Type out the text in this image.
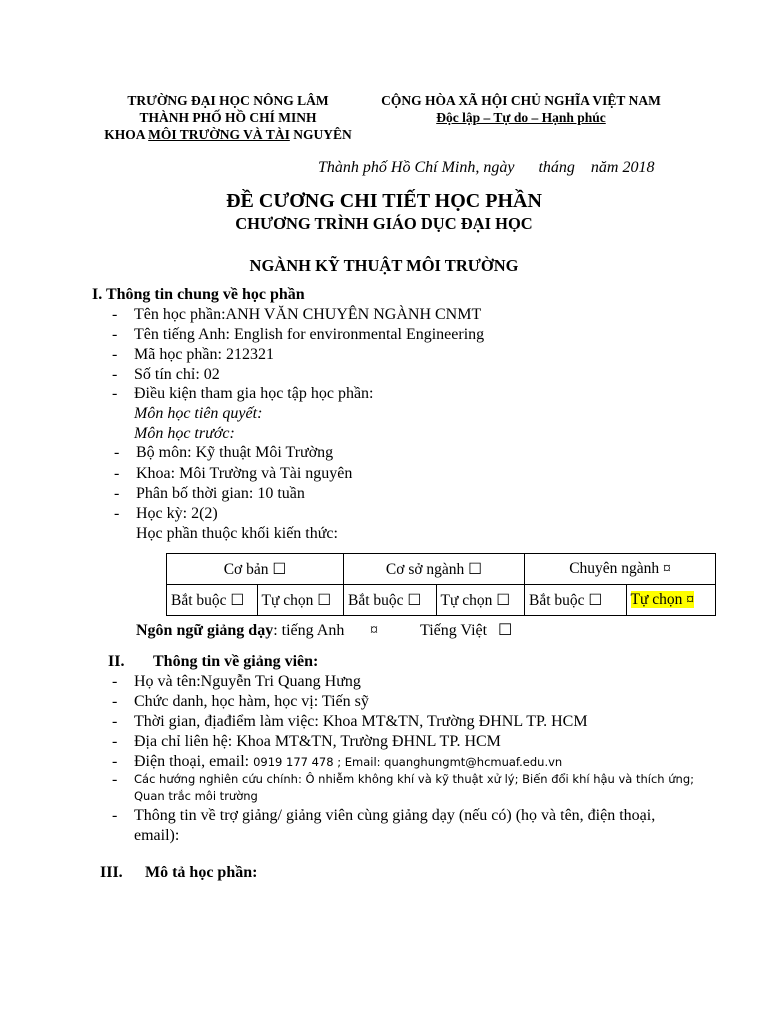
TRƯỜNG ĐẠI HỌC NÔNG LÂM
THÀNH PHỐ HỒ CHÍ MINH
KHOA MÔI TRƯỜNG VÀ TÀI NGUYÊN
CỘNG HÒA XÃ HỘI CHỦ NGHĨA VIỆT NAM
Độc lập – Tự do – Hạnh phúc
Thành phố Hồ Chí Minh, ngày      tháng    năm 2018
ĐỀ CƯƠNG CHI TIẾT HỌC PHẦN
CHƯƠNG TRÌNH GIÁO DỤC ĐẠI HỌC
NGÀNH KỸ THUẬT MÔI TRƯỜNG
I. Thông tin chung về học phần
- Tên học phần:ANH VĂN CHUYÊN NGÀNH CNMT
- Tên tiếng Anh: English for environmental Engineering
- Mã học phần: 212321
- Số tín chỉ: 02
- Điều kiện tham gia học tập học phần:
Môn học tiên quyết:
Môn học trước:
- Bộ môn: Kỹ thuật Môi Trường
- Khoa: Môi Trường và Tài nguyên
- Phân bố thời gian: 10 tuần
- Học kỳ: 2(2)
Học phần thuộc khối kiến thức:
Cơ bản ☐		Cơ sở ngành ☐		Chuyên ngành ¤	
Bắt buộc ☐	Tự chọn ☐	Bắt buộc ☐	Tự chọn ☐	Bắt buộc ☐	Tự chọn ¤
Ngôn ngữ giảng dạy: tiếng Anh ¤	Tiếng Việt ☐
II. Thông tin về giảng viên:
- Họ và tên:Nguyễn Tri Quang Hưng
- Chức danh, học hàm, học vị: Tiến sỹ
- Thời gian, địađiểm làm việc: Khoa MT&TN, Trường ĐHNL TP. HCM
- Địa chỉ liên hệ: Khoa MT&TN, Trường ĐHNL TP. HCM
- Điện thoại, email: 0919 177 478 ; Email: quanghungmt@hcmuaf.edu.vn
- Các hướng nghiên cứu chính: Ô nhiễm không khí và kỹ thuật xử lý; Biến đổi khí hậu và thích ứng;
Quan trắc môi trường
- Thông tin về trợ giảng/ giảng viên cùng giảng dạy (nếu có) (họ và tên, điện thoại,
email):
III. Mô tả học phần:
